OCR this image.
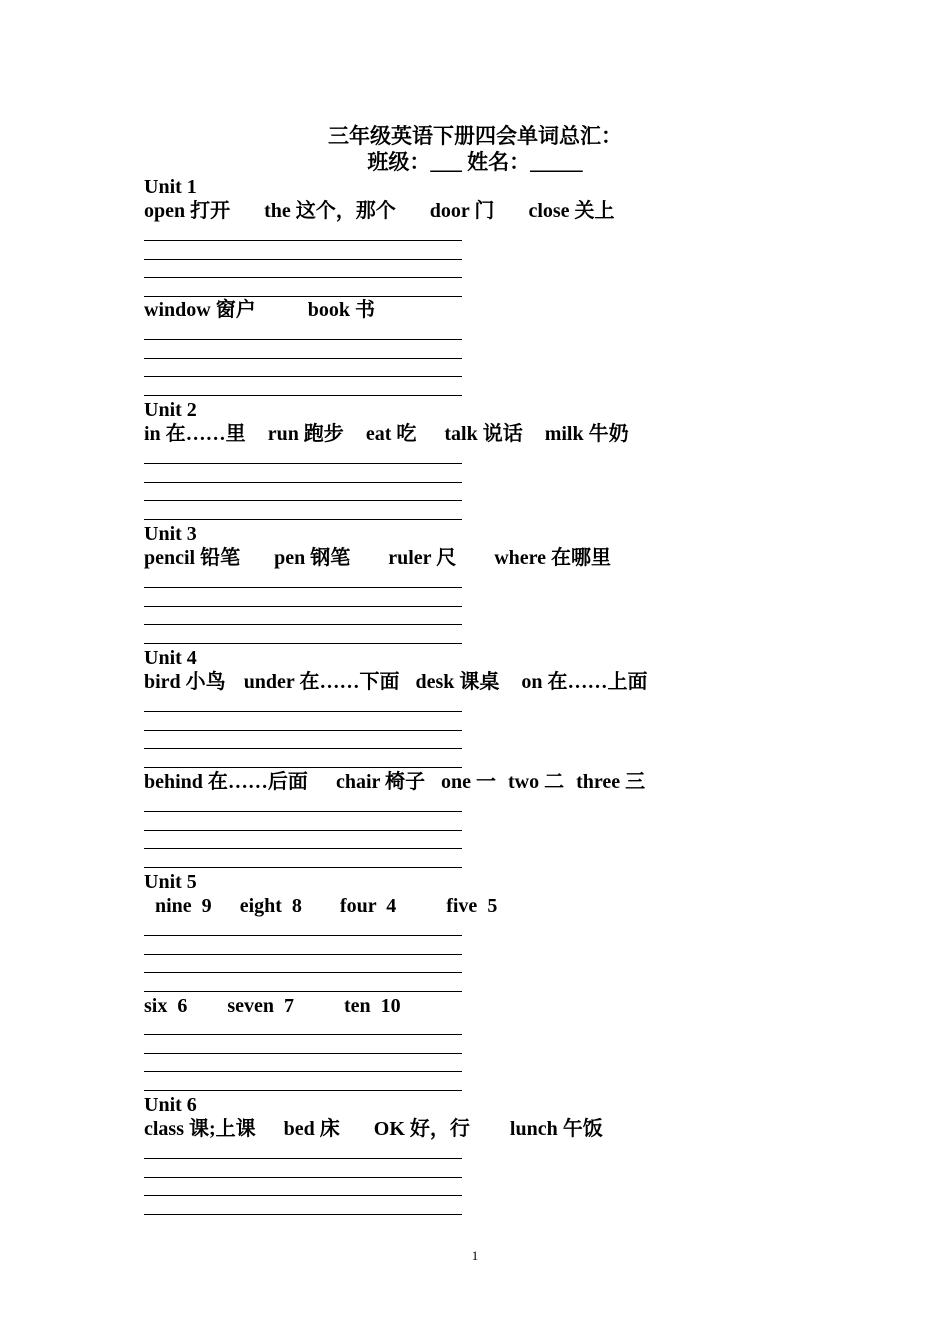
三年级英语下册四会单词总汇：
班级：___ 姓名：_____
Unit 1
open 打开 the 这个，那个 door 门 close 关上
window 窗户	book 书
Unit 2
in 在……里 run 跑步 eat 吃 talk 说话 milk 牛奶
Unit 3
pencil 铅笔 pen 钢笔 ruler 尺 where 在哪里
Unit 4
bird 小鸟 under 在……下面 desk 课桌 on 在……上面
behind 在……后面 chair 椅子 one 一 two 二 three 三
Unit 5
nine  9 eight  8 four  4	five  5
six  6 seven  7	ten  10
Unit 6
class 课;上课 bed 床 OK 好，行 lunch 午饭
1
